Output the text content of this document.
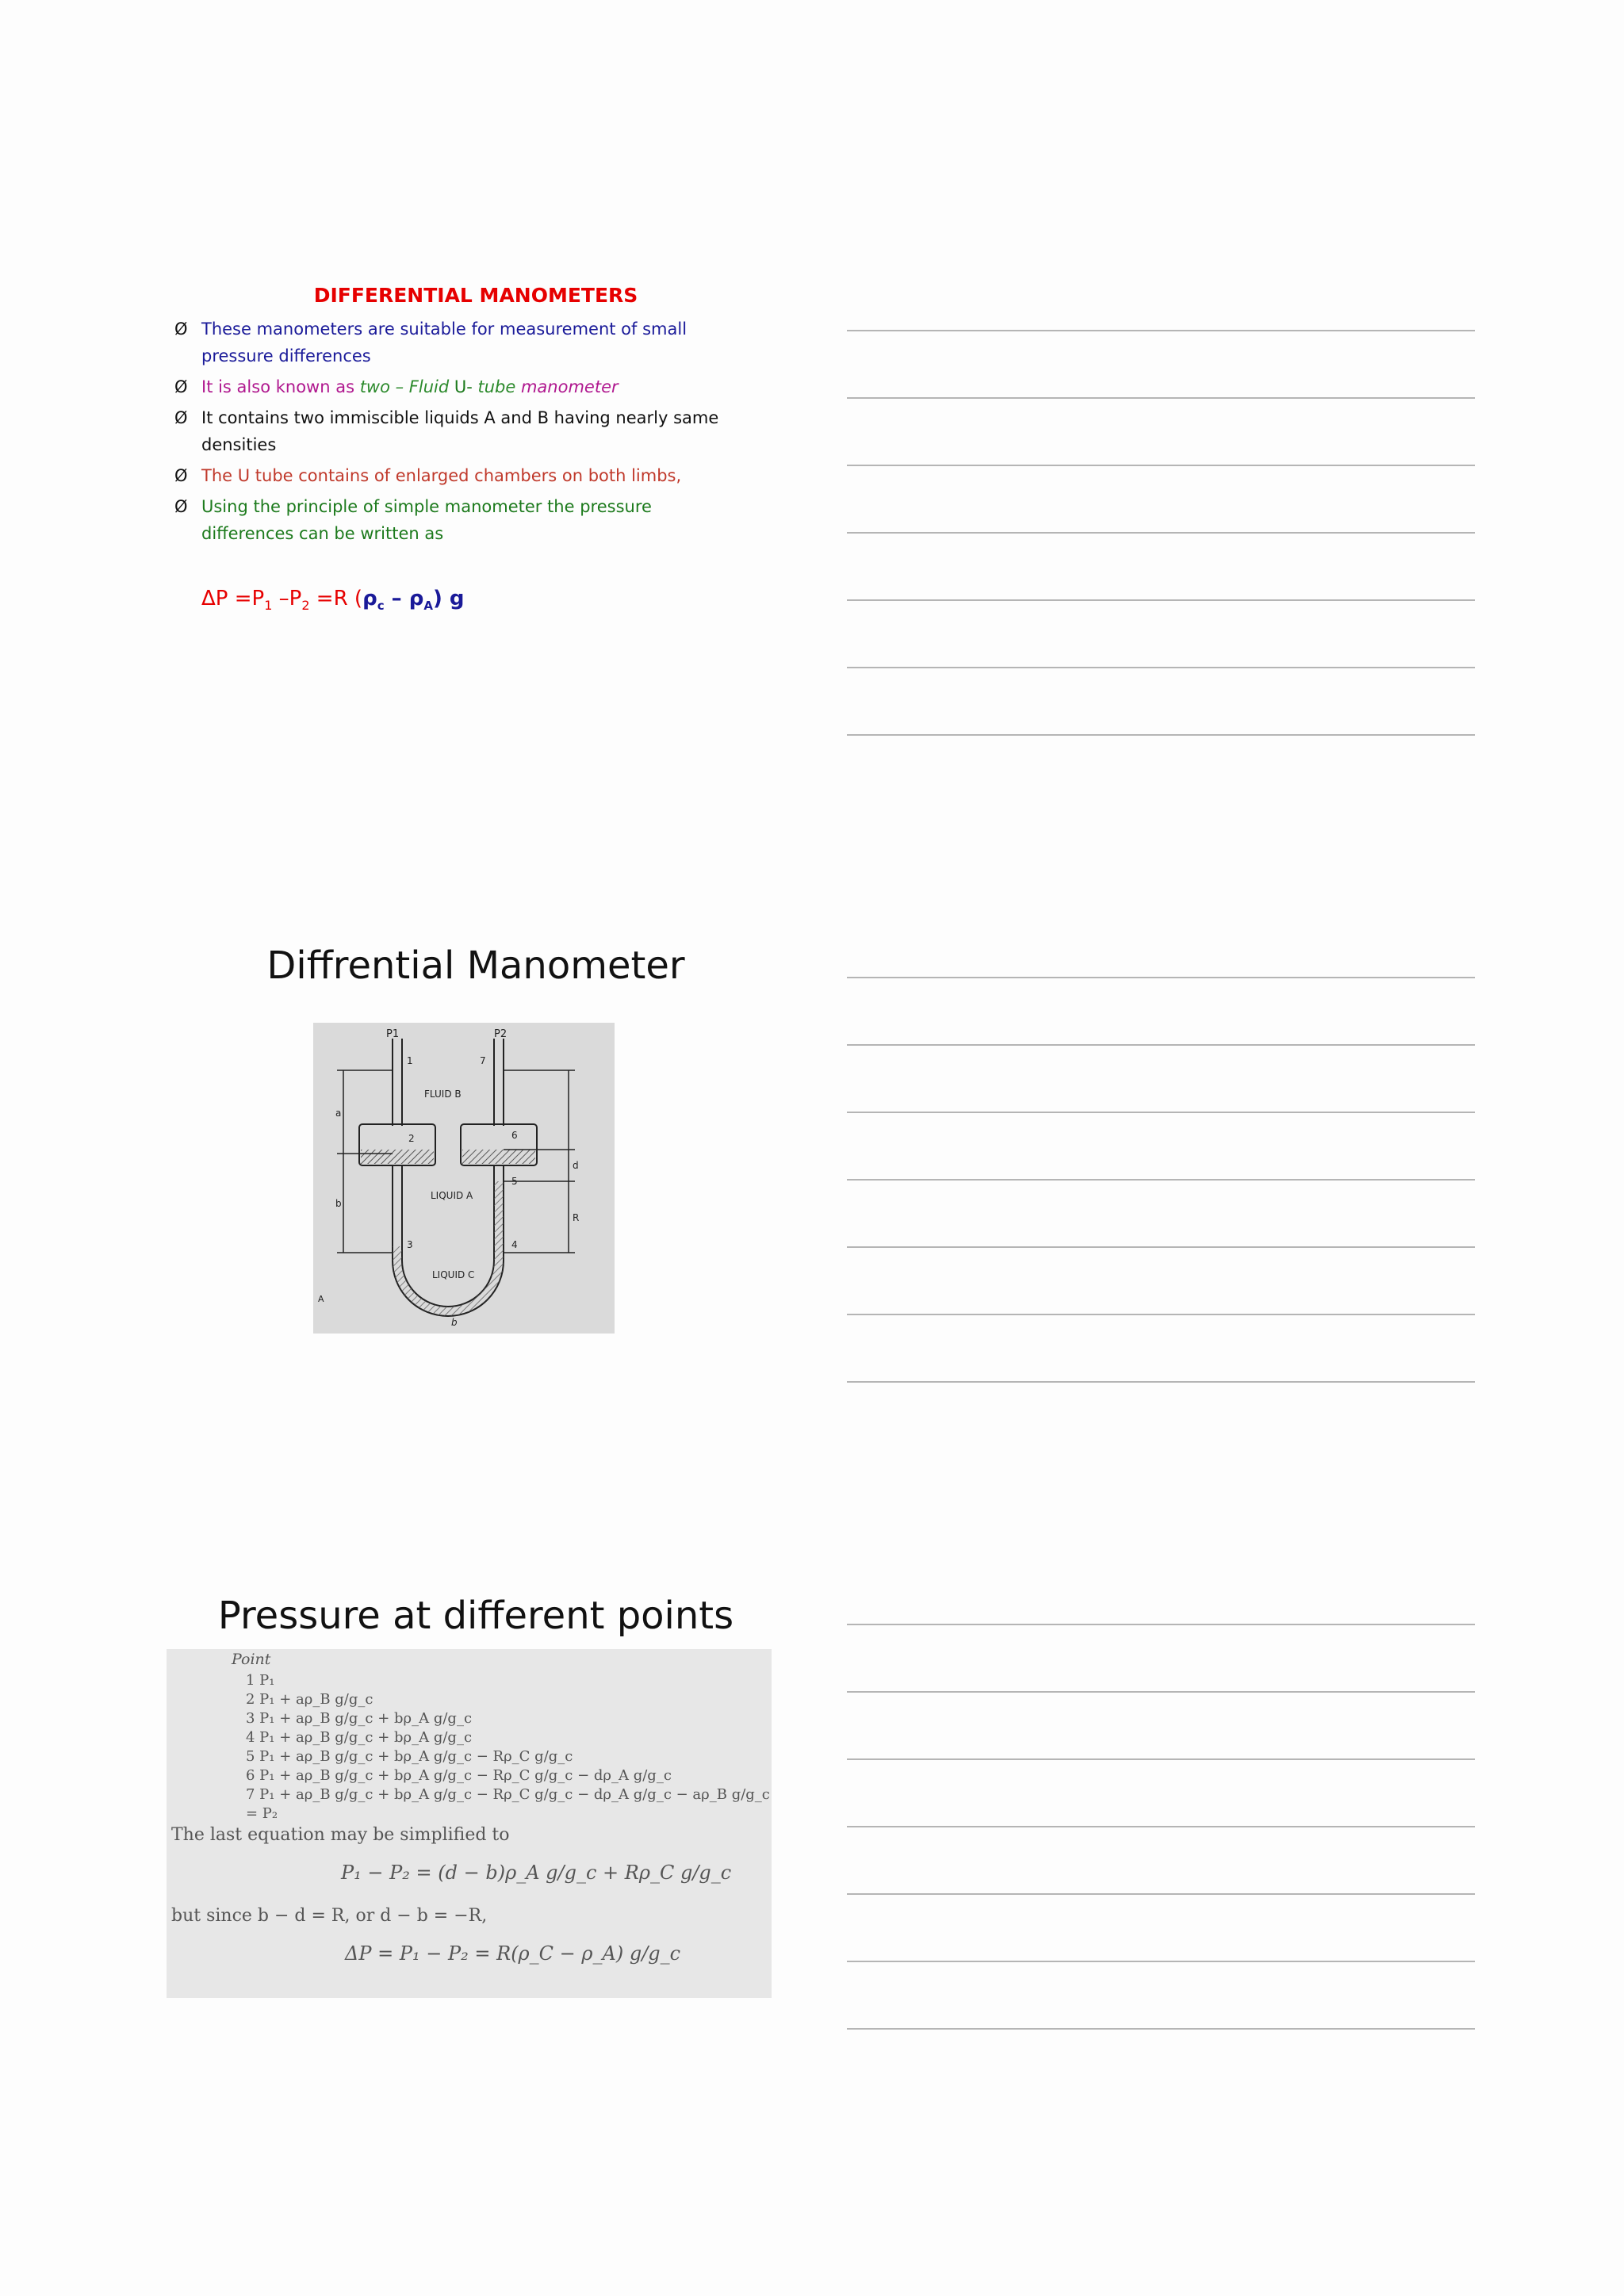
DIFFERENTIAL MANOMETERS
Ø These manometers are suitable for measurement of small
pressure differences
Ø It is also known as two – Fluid U- tube manometer
Ø It contains two immiscible liquids A and B having nearly same
densities
Ø The U tube contains of enlarged chambers on both limbs,
Ø Using the principle of simple manometer the pressure
differences can be written as
$\Delta P =P_1$ $-P_2 =R$ $(\rho_c - \rho_A)$ g
Diffrential Manometer
P1	P2
FLUID B
LIQUID A
LIQUID C
1
2
3	4
5
6
7
a
b
d
R
A
b
Pressure at different points
Point
1 P₁
2 P₁ + aρ_B g/g_c
3 P₁ + aρ_B g/g_c + bρ_A g/g_c
4 P₁ + aρ_B g/g_c + bρ_A g/g_c
5 P₁ + aρ_B g/g_c + bρ_A g/g_c − Rρ_C g/g_c
6 P₁ + aρ_B g/g_c + bρ_A g/g_c − Rρ_C g/g_c − dρ_A g/g_c
7 P₁ + aρ_B g/g_c + bρ_A g/g_c − Rρ_C g/g_c − dρ_A g/g_c − aρ_B g/g_c = P₂
The last equation may be simplified to
P₁ − P₂ = (d − b)ρ_A g/g_c + Rρ_C g/g_c
but since b − d = R, or d − b = −R,
ΔP = P₁ − P₂ = R(ρ_C − ρ_A) g/g_c
